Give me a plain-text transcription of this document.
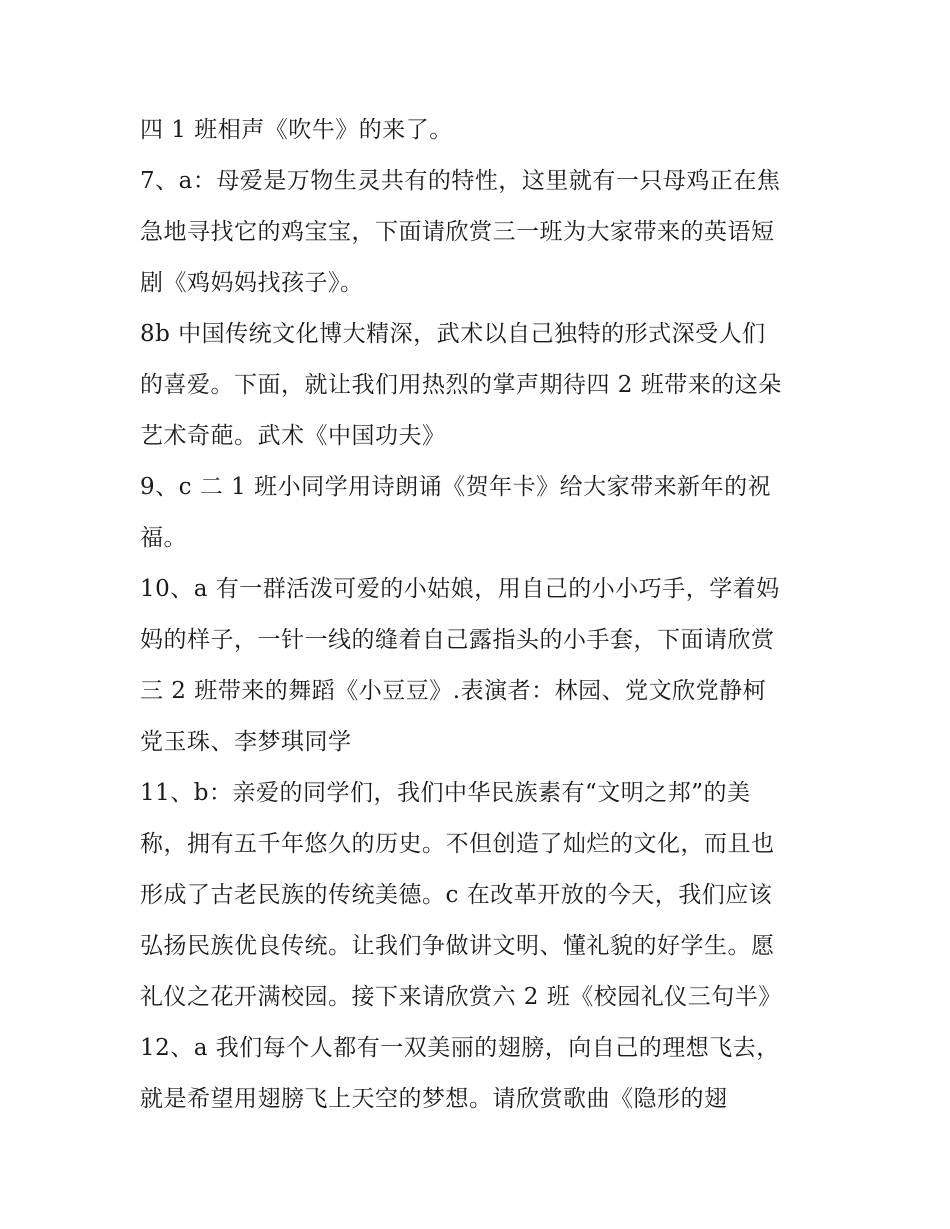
四 1 班相声《吹牛》的来了。
7、a：母爱是万物生灵共有的特性，这里就有一只母鸡正在焦
急地寻找它的鸡宝宝，下面请欣赏三一班为大家带来的英语短
剧《鸡妈妈找孩子》。
8b 中国传统文化博大精深，武术以自己独特的形式深受人们
的喜爱。下面，就让我们用热烈的掌声期待四 2 班带来的这朵
艺术奇葩。武术《中国功夫》
9、c 二 1 班小同学用诗朗诵《贺年卡》给大家带来新年的祝
福。
10、a 有一群活泼可爱的小姑娘，用自己的小小巧手，学着妈
妈的样子，一针一线的缝着自己露指头的小手套，下面请欣赏
三 2 班带来的舞蹈《小豆豆》.表演者：林园、党文欣党静柯
党玉珠、李梦琪同学
11、b：亲爱的同学们，我们中华民族素有“文明之邦”的美
称，拥有五千年悠久的历史。不但创造了灿烂的文化，而且也
形成了古老民族的传统美德。c 在改革开放的今天，我们应该
弘扬民族优良传统。让我们争做讲文明、懂礼貌的好学生。愿
礼仪之花开满校园。接下来请欣赏六 2 班《校园礼仪三句半》
12、a 我们每个人都有一双美丽的翅膀，向自己的理想飞去，
就是希望用翅膀飞上天空的梦想。请欣赏歌曲《隐形的翅
